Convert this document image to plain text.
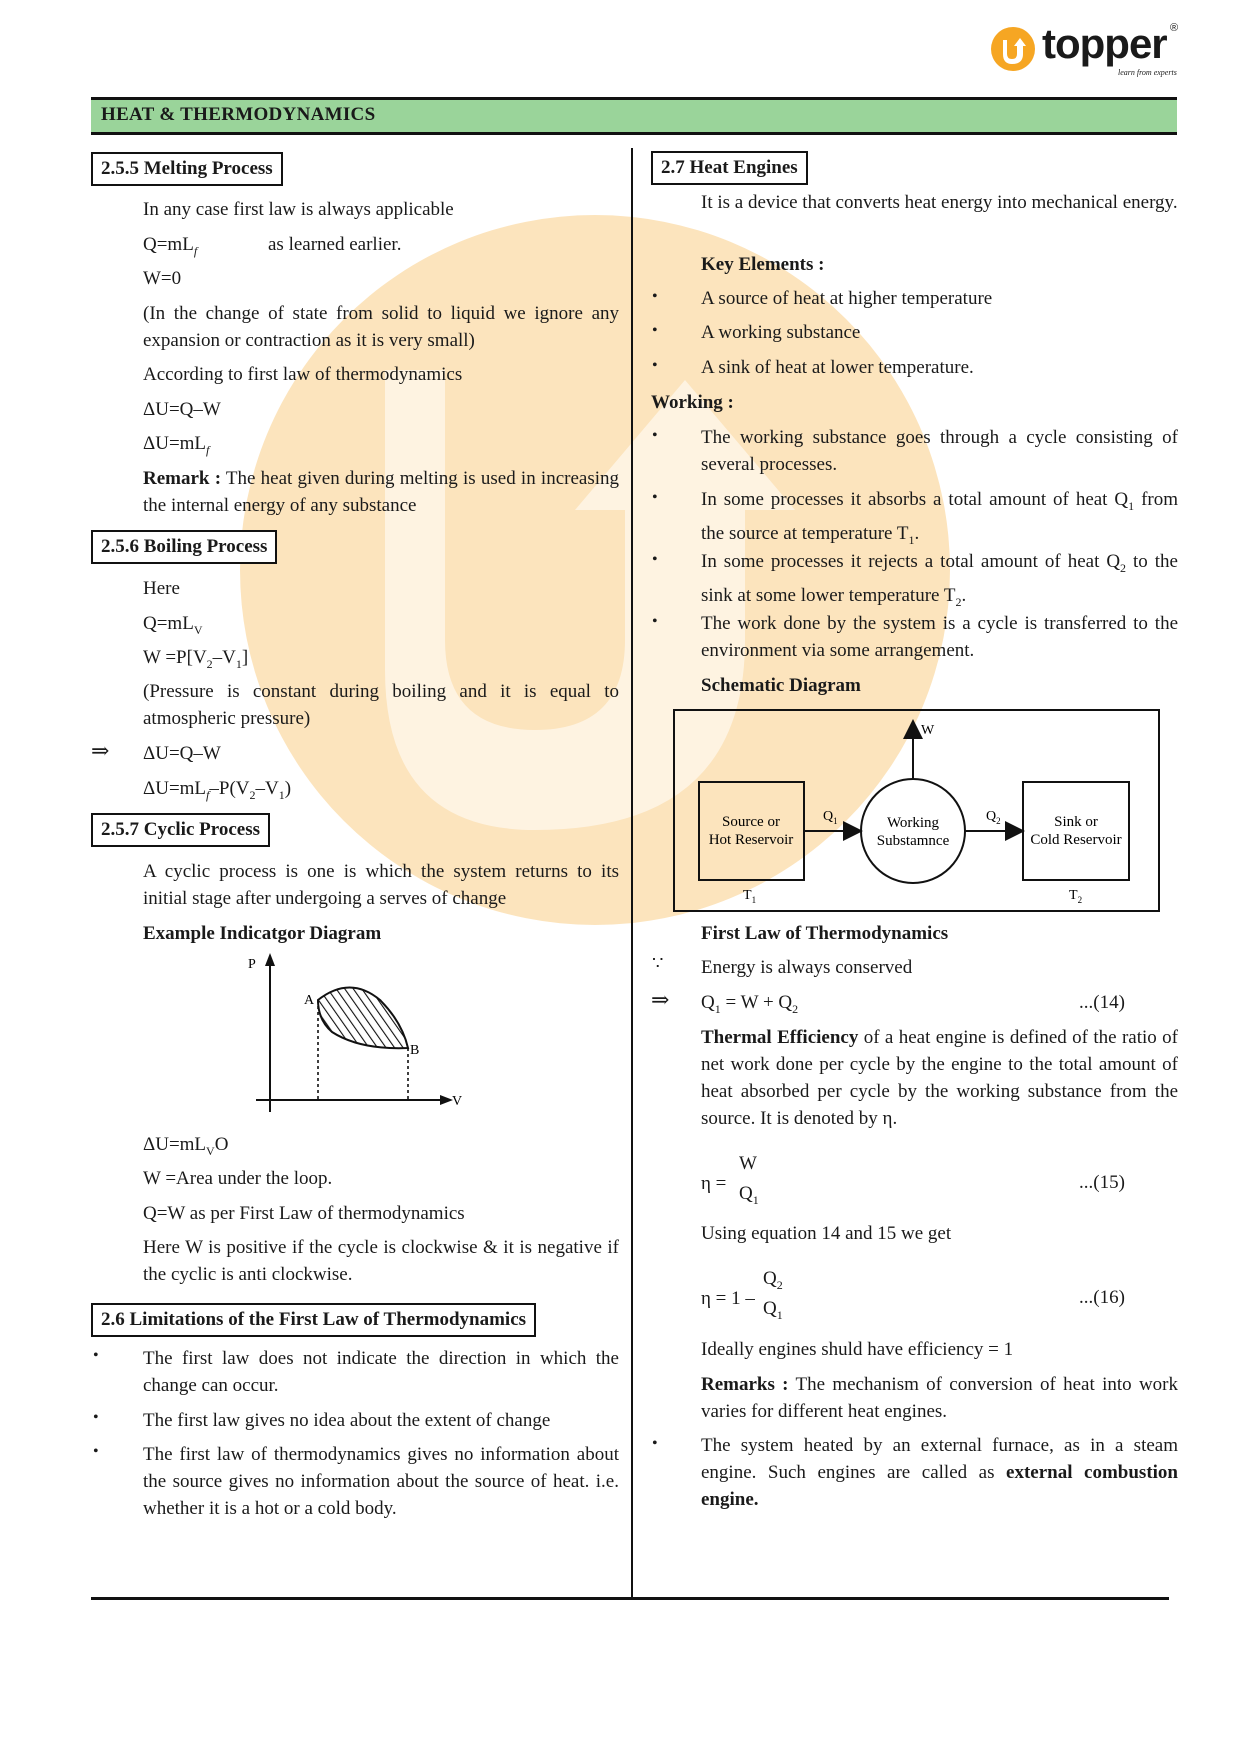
topper ®
learn from experts
HEAT & THERMODYNAMICS
2.5.5 Melting Process
In any case first law is always applicable
$Q=mL_f$	as learned earlier.
W=0
(In the change of state from solid to liquid we ignore any expansion or contraction as it is very small)
According to first law of thermodynamics
ΔU=Q–W
$\Delta U=mL_f$
Remark : The heat given during melting is used in increasing the internal energy of any substance
2.5.6 Boiling Process
Here
$Q=mL_V$
$W =P[V_2-V_1]$
(Pressure is constant during boiling and it is equal to atmospheric pressure)
⇒ ΔU=Q–W
$\Delta U=mL_f-P(V_2-V_1)$
2.5.7 Cyclic Process
A cyclic process is one is which the system returns to its initial stage after undergoing a serves of change
Example Indicatgor Diagram
P
V
A
B
$\Delta U=mL_VO$
W =Area under the loop.
Q=W as per First Law of thermodynamics
Here W is positive if the cycle is clockwise & it is negative if the cyclic is anti clockwise.
2.6 Limitations of the First Law of Thermodynamics
• The first law does not indicate the direction in which the change can occur.
• The first law gives no idea about the extent of change
• The first law of thermodynamics gives no information about the source gives no information about the source of heat. i.e. whether it is a hot or a cold body.
2.7 Heat Engines
It is a device that converts heat energy into mechanical energy.
Key Elements :
• A source of heat at higher temperature
• A working substance
• A sink of heat at lower temperature.
Working :
• The working substance goes through a cycle consisting of several processes.
• In some processes it absorbs a total amount of heat $Q_1$ from the source at temperature $T_1$.
• In some processes it rejects a total amount of heat $Q_2$ to the sink at some lower temperature $T_2$.
• The work done by the system is a cycle is transferred to the environment via some arrangement.
Schematic Diagram
Source or
Hot Reservoir
Working
Substamnce
Sink or
Cold Reservoir
W
$Q_1$	$Q_2$
$T_1$	$T_2$
First Law of Thermodynamics
∵ Energy is always conserved
⇒ $Q_1 = W + Q_2$	...(14)
Thermal Efficiency of a heat engine is defined of the ratio of net work done per cycle by the engine to the total amount of heat absorbed per cycle by the working substance from the source. It is denoted by η.
η =
W
$Q_1$
...(15)
Using equation 14 and 15 we get
η = 1 –
$Q_2$
$Q_1$
...(16)
Ideally engines shuld have efficiency = 1
Remarks : The mechanism of conversion of heat into work varies for different heat engines.
• The system heated by an external furnace, as in a steam engine. Such engines are called as external combustion engine.
